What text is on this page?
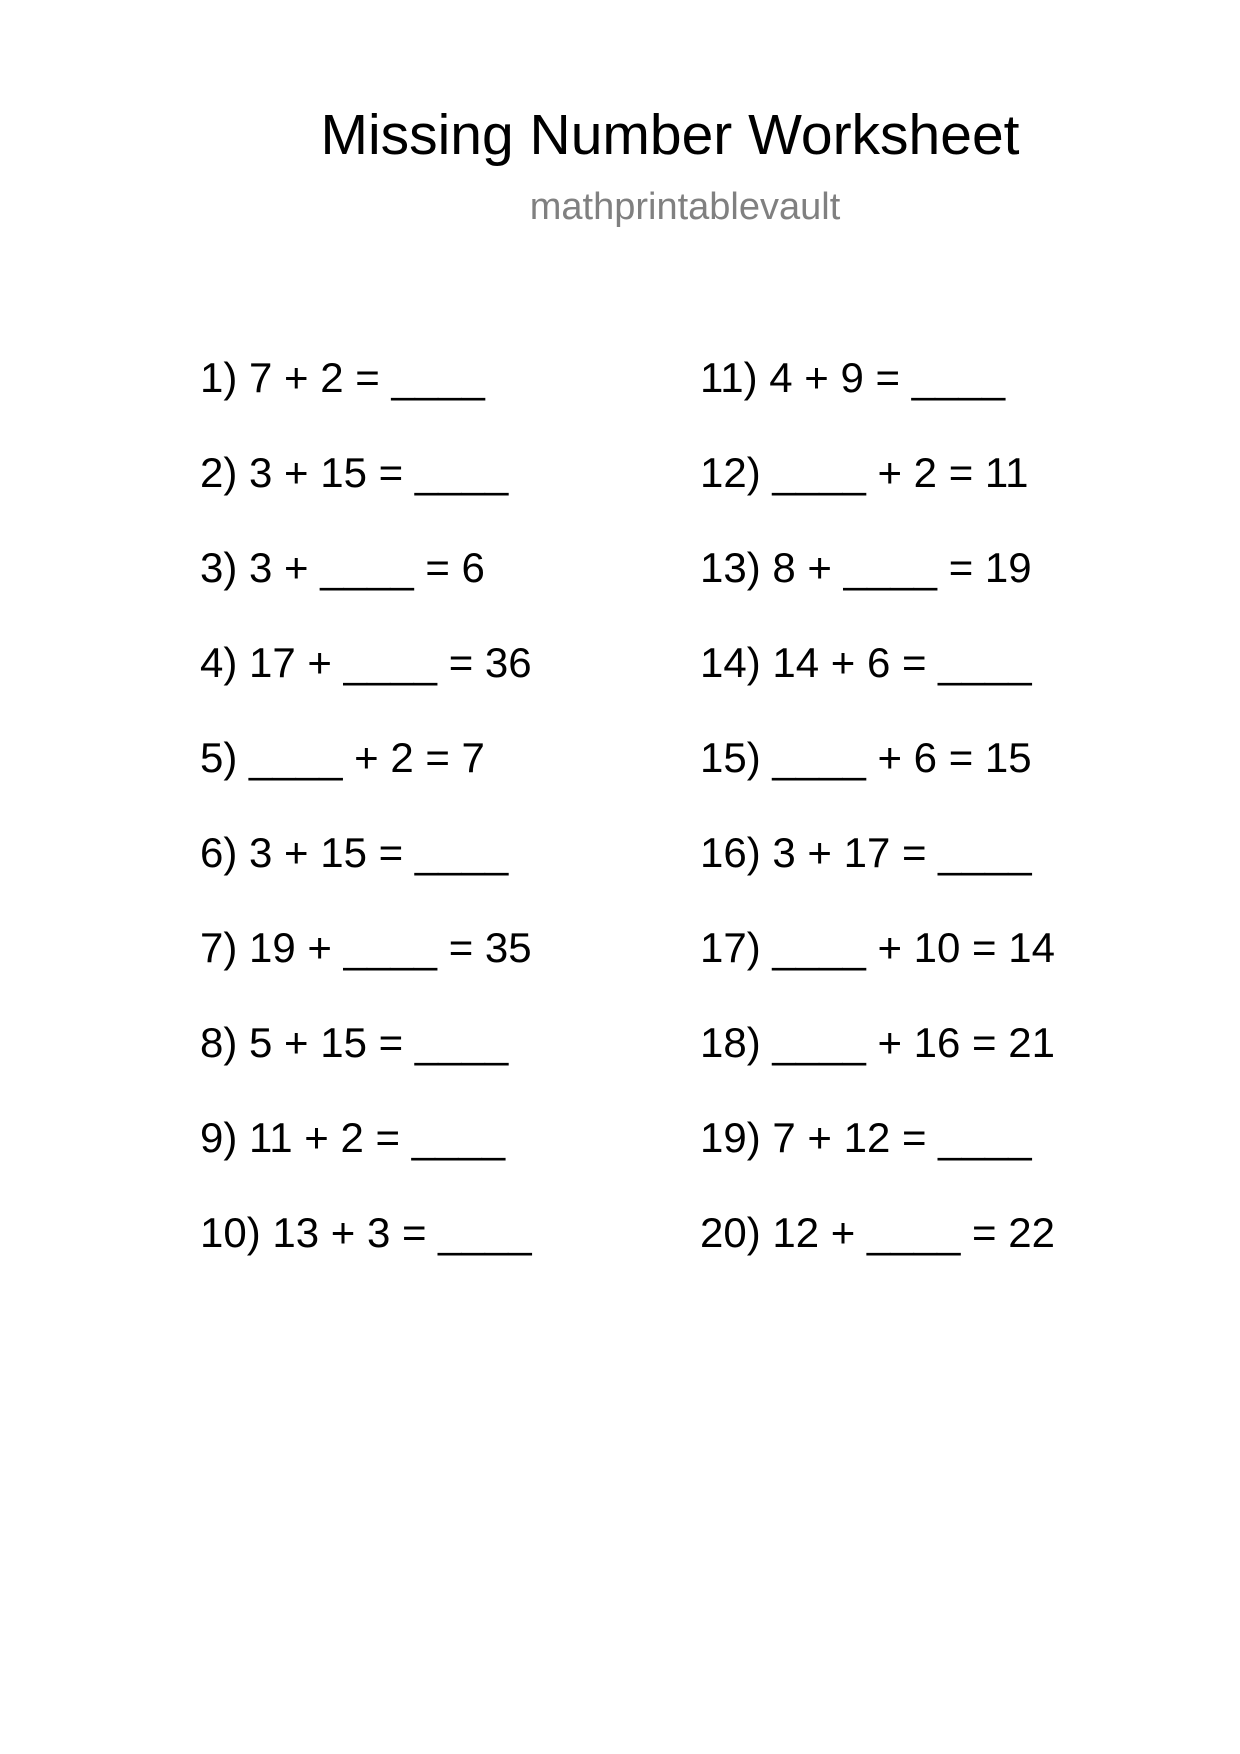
Missing Number Worksheet
mathprintablevault
1) 7 + 2 = ____
2) 3 + 15 = ____
3) 3 + ____ = 6
4) 17 + ____ = 36
5) ____ + 2 = 7
6) 3 + 15 = ____
7) 19 + ____ = 35
8) 5 + 15 = ____
9) 11 + 2 = ____
10) 13 + 3 = ____
11) 4 + 9 = ____
12) ____ + 2 = 11
13) 8 + ____ = 19
14) 14 + 6 = ____
15) ____ + 6 = 15
16) 3 + 17 = ____
17) ____ + 10 = 14
18) ____ + 16 = 21
19) 7 + 12 = ____
20) 12 + ____ = 22
